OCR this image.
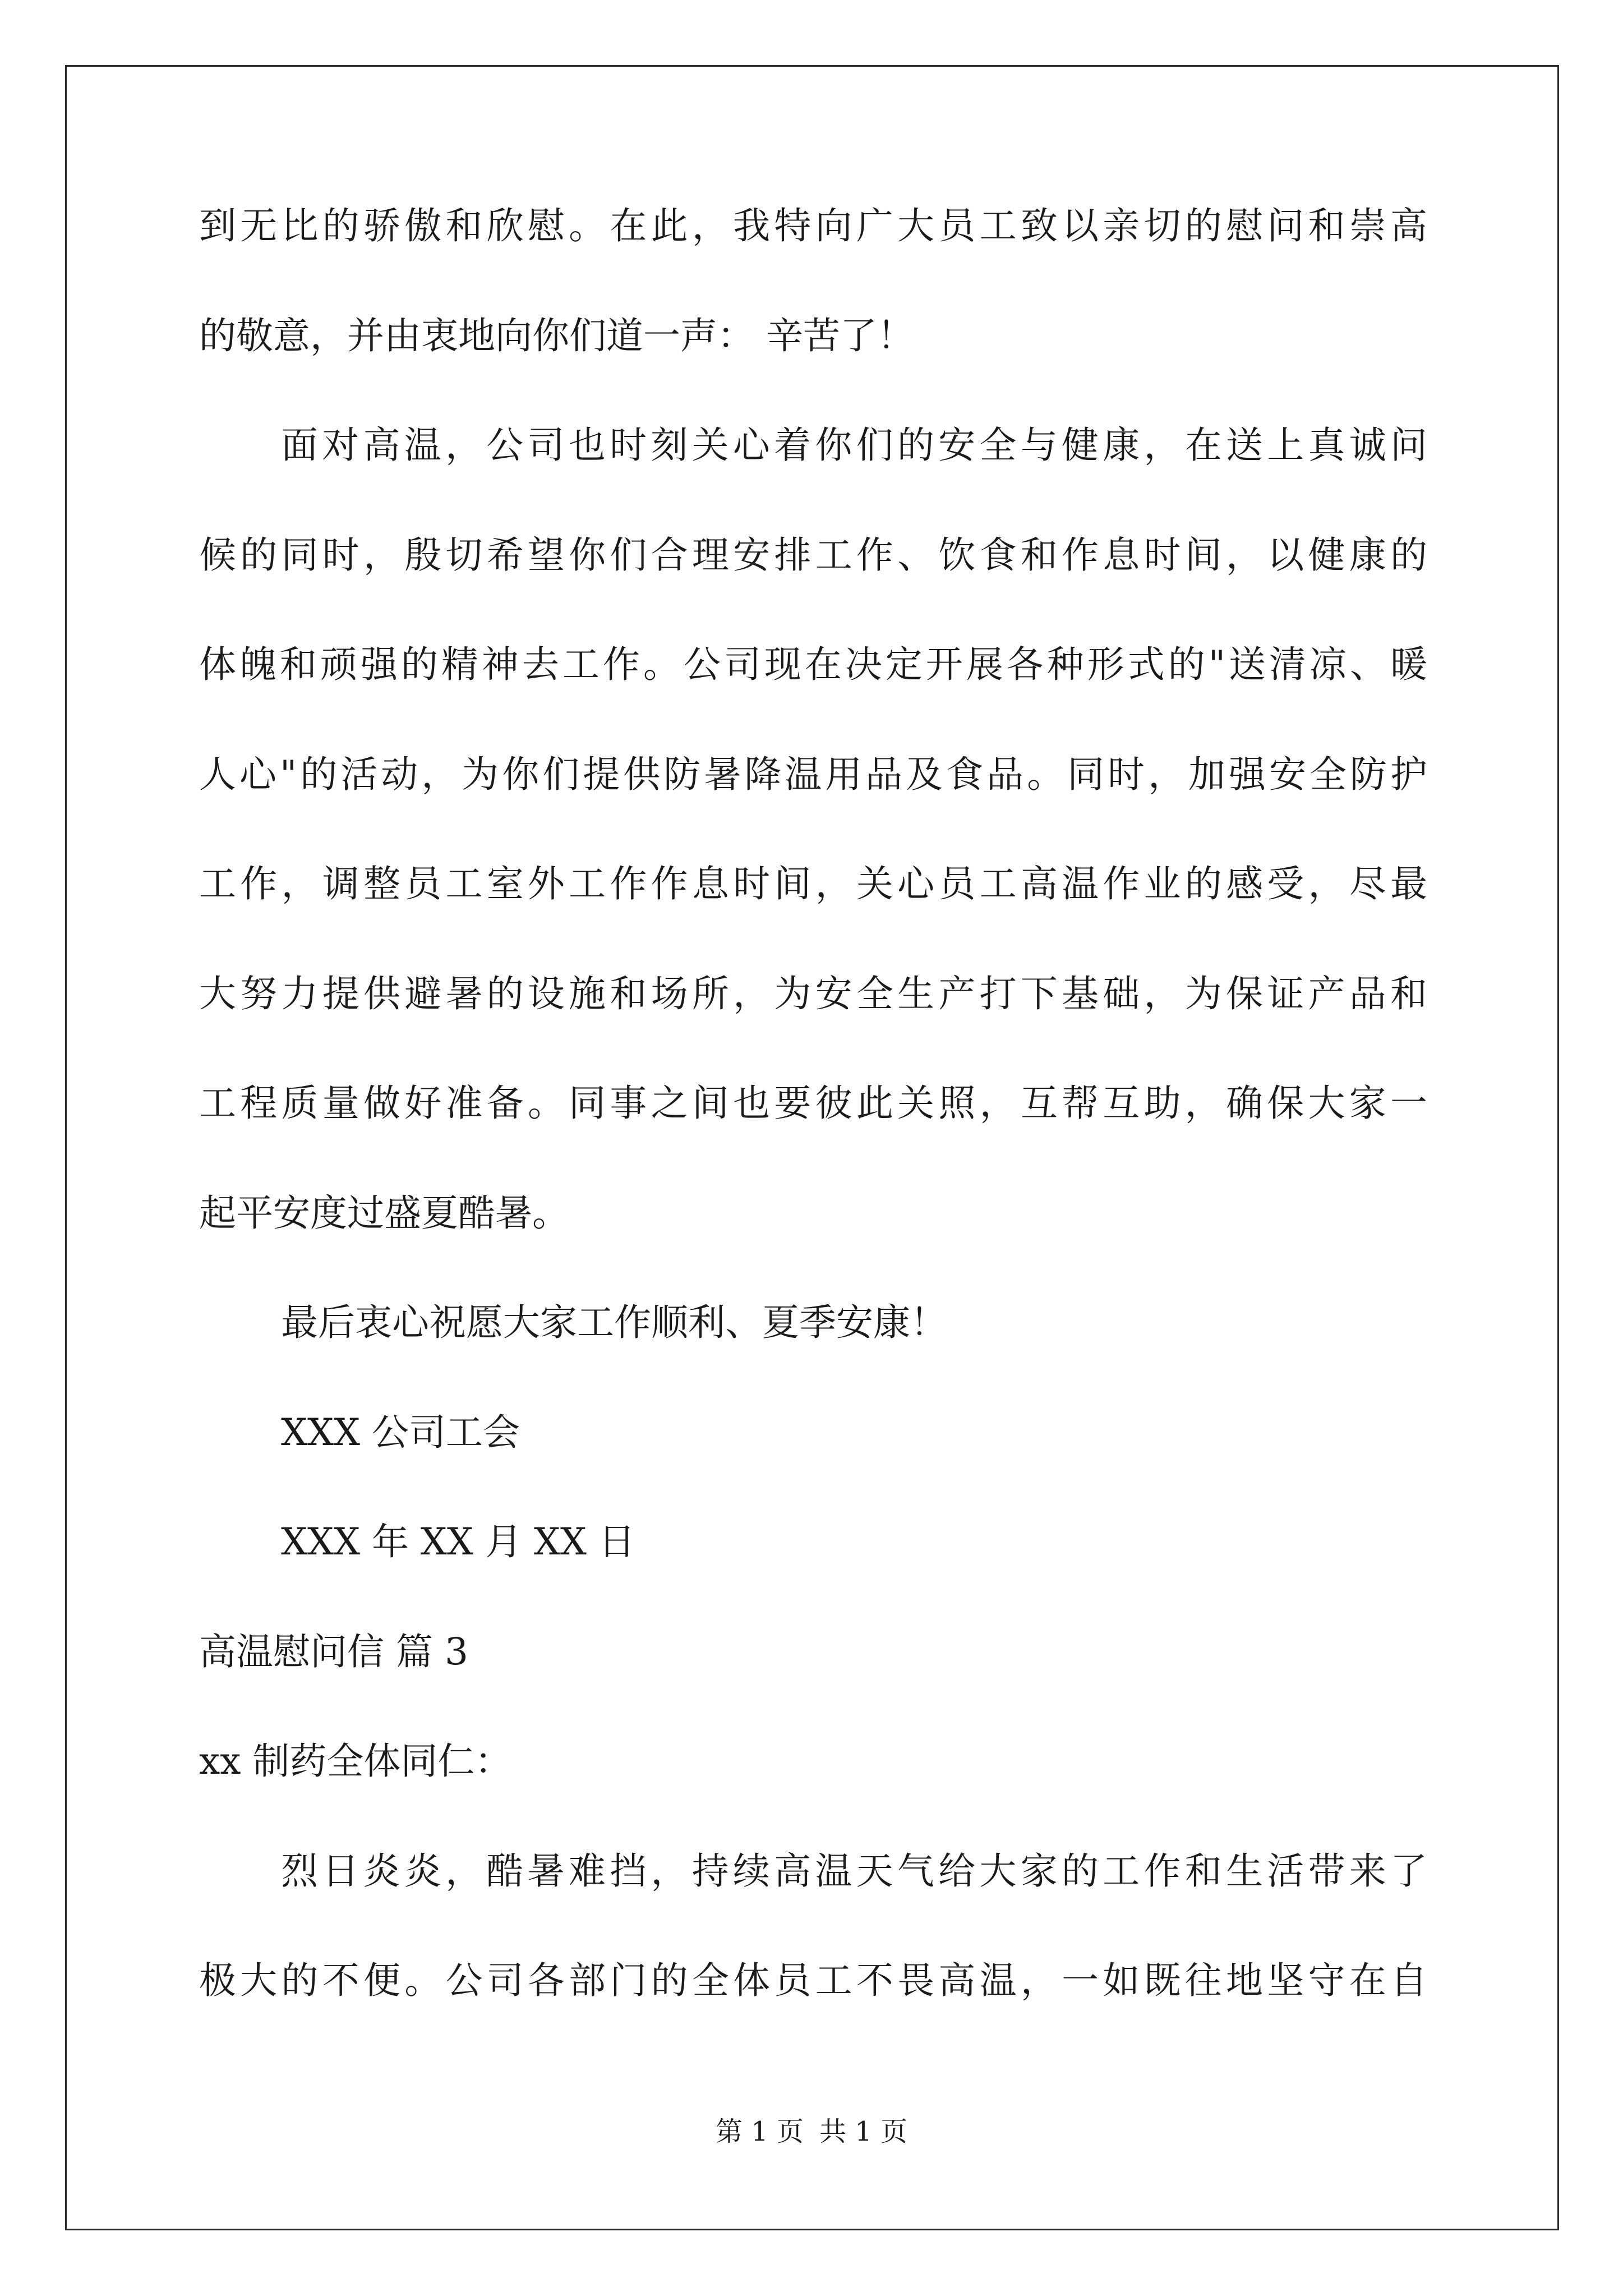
到无比的骄傲和欣慰。在此，我特向广大员工致以亲切的慰问和崇高
的敬意，并由衷地向你们道一声： 辛苦了！
面对高温，公司也时刻关心着你们的安全与健康，在送上真诚问
候的同时，殷切希望你们合理安排工作、饮食和作息时间，以健康的
体魄和顽强的精神去工作。公司现在决定开展各种形式的"送清凉、暖
人心"的活动，为你们提供防暑降温用品及食品。同时，加强安全防护
工作，调整员工室外工作作息时间，关心员工高温作业的感受，尽最
大努力提供避暑的设施和场所，为安全生产打下基础，为保证产品和
工程质量做好准备。同事之间也要彼此关照，互帮互助，确保大家一
起平安度过盛夏酷暑。
最后衷心祝愿大家工作顺利、夏季安康！
XXX 公司工会
XXX 年 XX 月 XX 日
高温慰问信 篇 3
xx 制药全体同仁：
烈日炎炎，酷暑难挡，持续高温天气给大家的工作和生活带来了
极大的不便。公司各部门的全体员工不畏高温，一如既往地坚守在自
第 1 页 共 1 页
